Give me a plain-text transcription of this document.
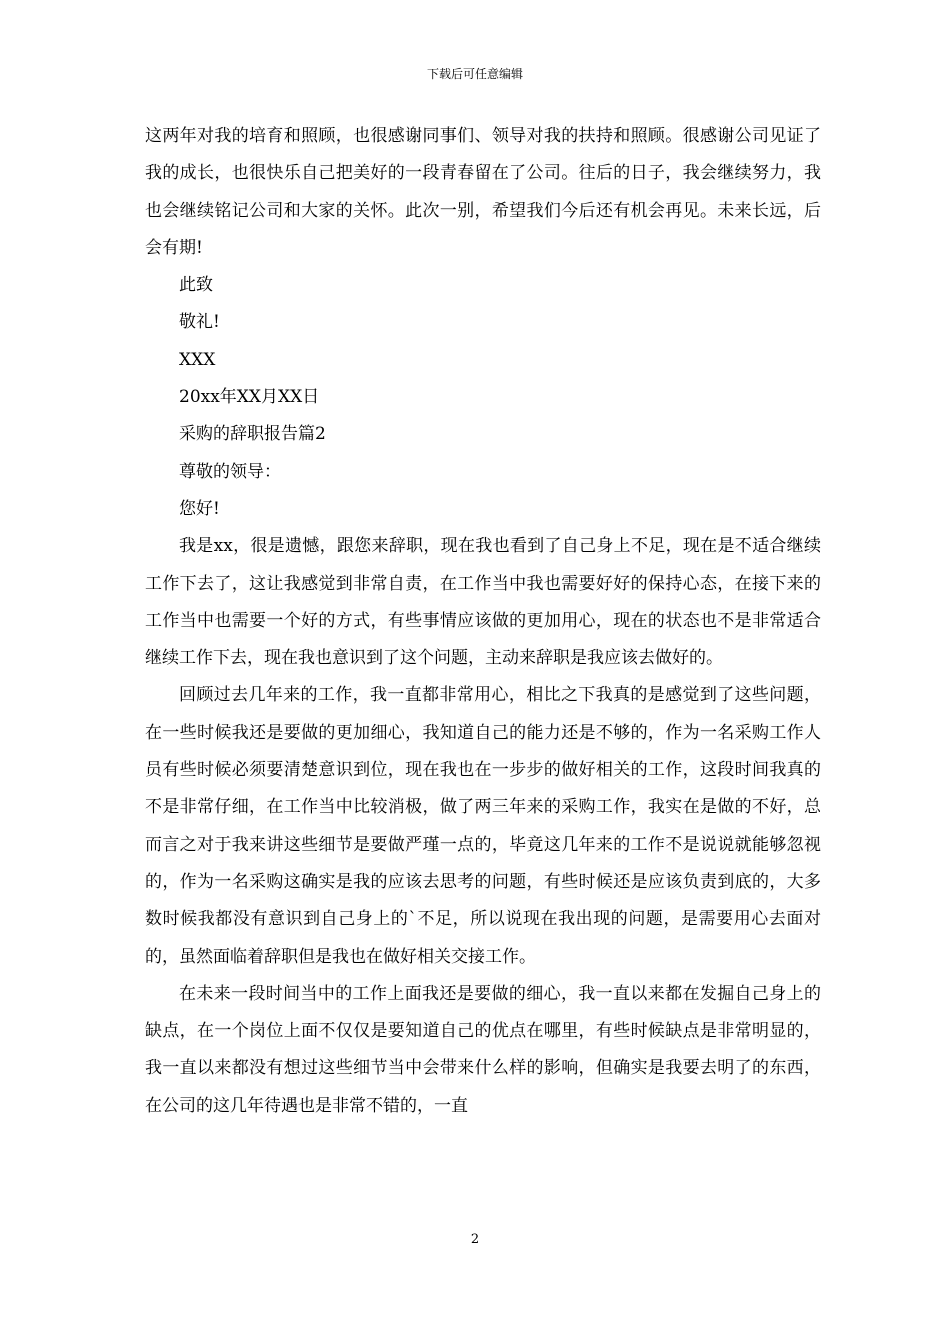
下载后可任意编辑

这两年对我的培育和照顾，也很感谢同事们、领导对我的扶持和照顾。很感谢公司见证了我的成长，也很快乐自己把美好的一段青春留在了公司。往后的日子，我会继续努力，我也会继续铭记公司和大家的关怀。此次一别，希望我们今后还有机会再见。未来长远，后会有期!

此致

敬礼!

XXX

20xx年XX月XX日

采购的辞职报告篇2

尊敬的领导：

您好!

我是xx，很是遗憾，跟您来辞职，现在我也看到了自己身上不足，现在是不适合继续工作下去了，这让我感觉到非常自责，在工作当中我也需要好好的保持心态，在接下来的工作当中也需要一个好的方式，有些事情应该做的更加用心，现在的状态也不是非常适合继续工作下去，现在我也意识到了这个问题，主动来辞职是我应该去做好的。

回顾过去几年来的工作，我一直都非常用心，相比之下我真的是感觉到了这些问题，在一些时候我还是要做的更加细心，我知道自己的能力还是不够的，作为一名采购工作人员有些时候必须要清楚意识到位，现在我也在一步步的做好相关的工作，这段时间我真的不是非常仔细，在工作当中比较消极，做了两三年来的采购工作，我实在是做的不好，总而言之对于我来讲这些细节是要做严瑾一点的，毕竟这几年来的工作不是说说就能够忽视的，作为一名采购这确实是我的应该去思考的问题，有些时候还是应该负责到底的，大多数时候我都没有意识到自己身上的`不足，所以说现在我出现的问题，是需要用心去面对的，虽然面临着辞职但是我也在做好相关交接工作。

在未来一段时间当中的工作上面我还是要做的细心，我一直以来都在发掘自己身上的缺点，在一个岗位上面不仅仅是要知道自己的优点在哪里，有些时候缺点是非常明显的，我一直以来都没有想过这些细节当中会带来什么样的影响，但确实是我要去明了的东西，在公司的这几年待遇也是非常不错的，一直

2
